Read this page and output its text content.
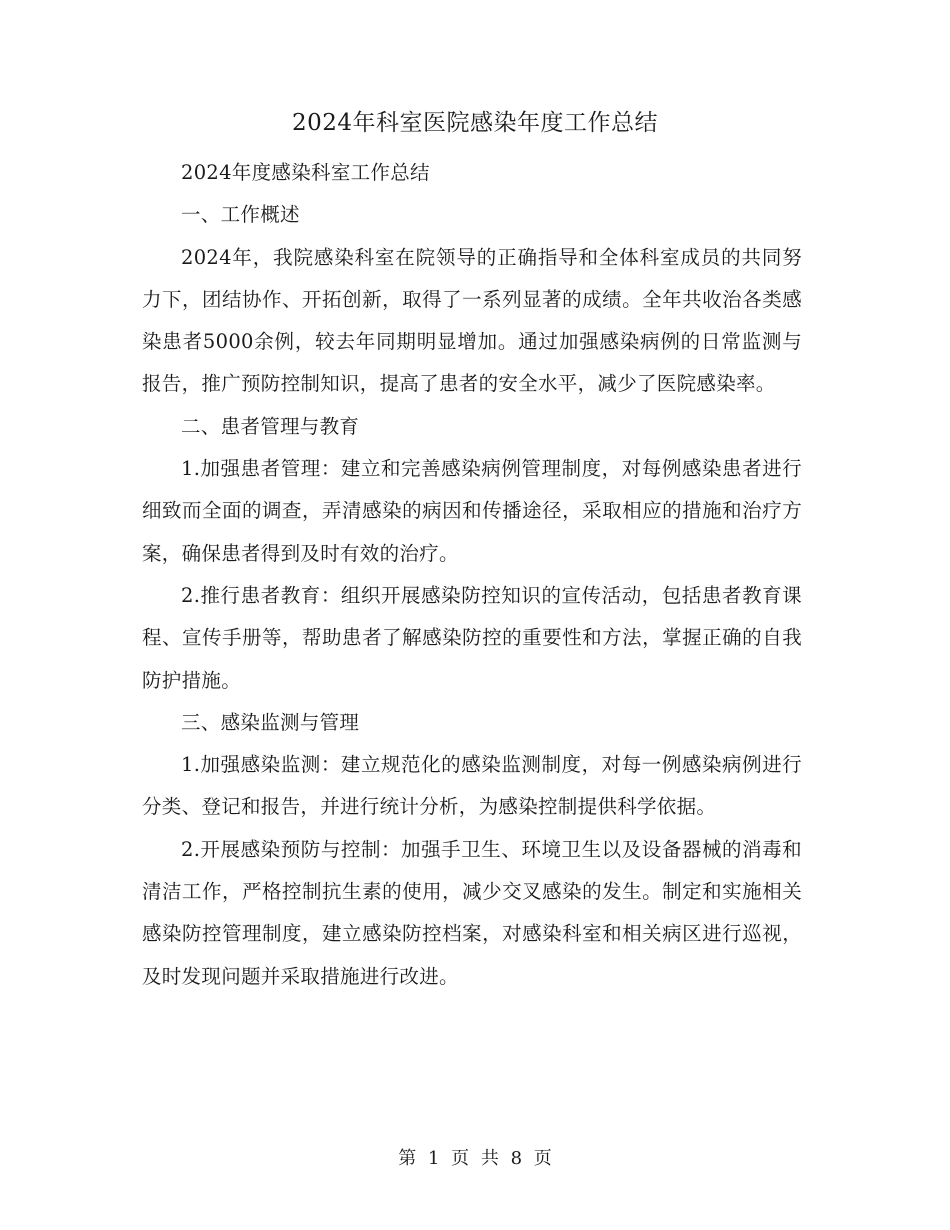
2024年科室医院感染年度工作总结

2024年度感染科室工作总结

一、工作概述

2024年，我院感染科室在院领导的正确指导和全体科室成员的共同努力下，团结协作、开拓创新，取得了一系列显著的成绩。全年共收治各类感染患者5000余例，较去年同期明显增加。通过加强感染病例的日常监测与报告，推广预防控制知识，提高了患者的安全水平，减少了医院感染率。

二、患者管理与教育

1.加强患者管理：建立和完善感染病例管理制度，对每例感染患者进行细致而全面的调查，弄清感染的病因和传播途径，采取相应的措施和治疗方案，确保患者得到及时有效的治疗。

2.推行患者教育：组织开展感染防控知识的宣传活动，包括患者教育课程、宣传手册等，帮助患者了解感染防控的重要性和方法，掌握正确的自我防护措施。

三、感染监测与管理

1.加强感染监测：建立规范化的感染监测制度，对每一例感染病例进行分类、登记和报告，并进行统计分析，为感染控制提供科学依据。

2.开展感染预防与控制：加强手卫生、环境卫生以及设备器械的消毒和清洁工作，严格控制抗生素的使用，减少交叉感染的发生。制定和实施相关感染防控管理制度，建立感染防控档案，对感染科室和相关病区进行巡视，及时发现问题并采取措施进行改进。

第 1 页 共 8 页
